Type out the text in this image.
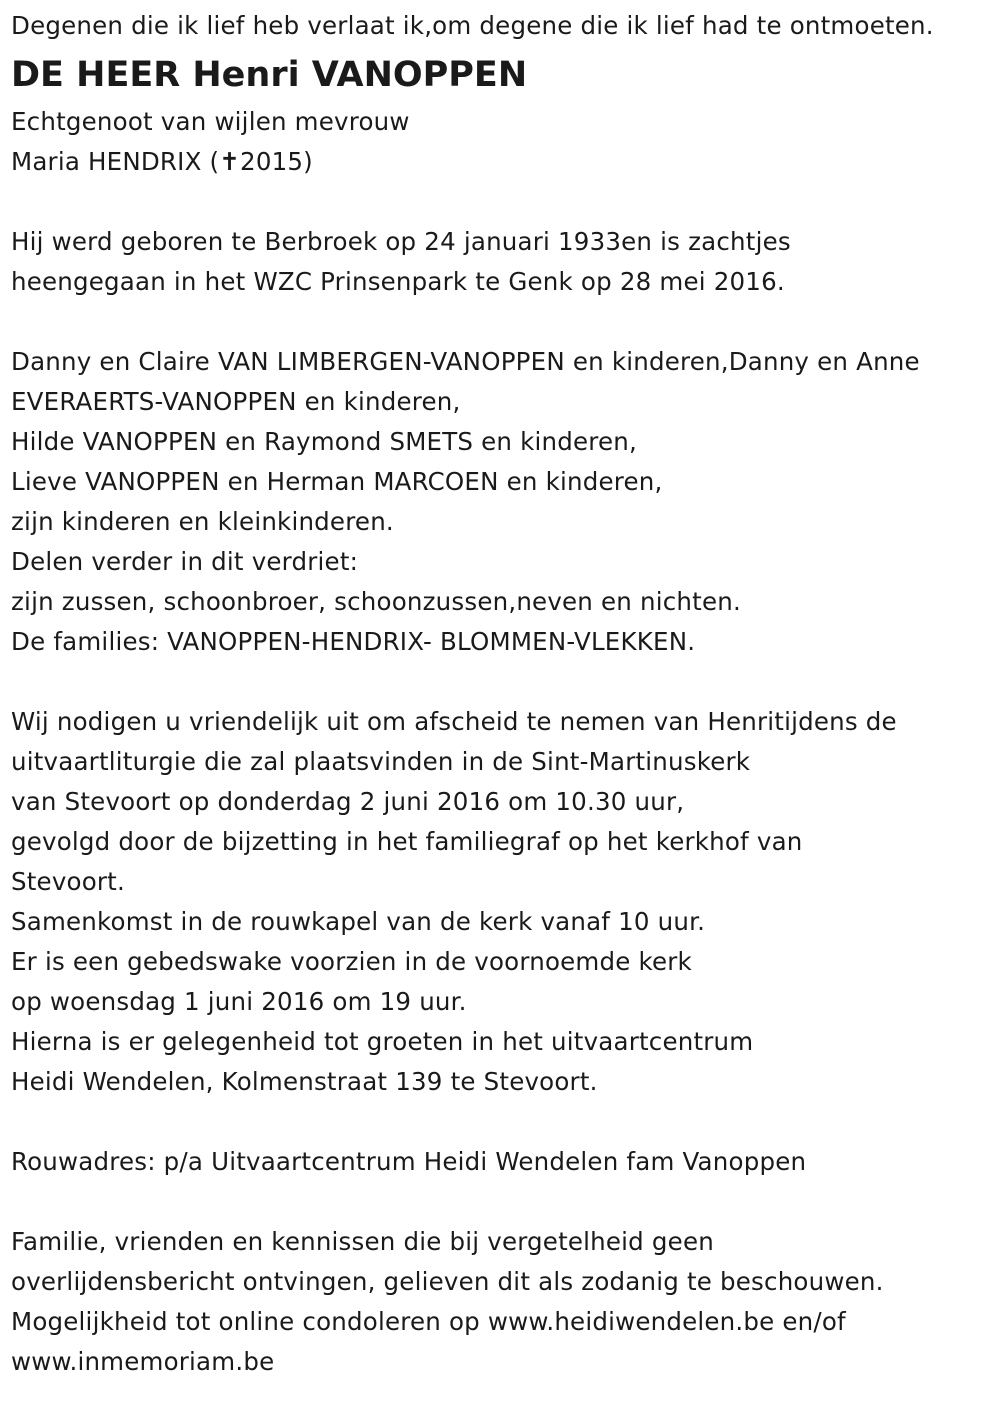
Degenen die ik lief heb verlaat ik,om degene die ik lief had te ontmoeten.
DE HEER Henri VANOPPEN
Echtgenoot van wijlen mevrouw
Maria HENDRIX (✝2015)
Hij werd geboren te Berbroek op 24 januari 1933en is zachtjes
heengegaan in het WZC Prinsenpark te Genk op 28 mei 2016.
Danny en Claire VAN LIMBERGEN-VANOPPEN en kinderen,Danny en Anne
EVERAERTS-VANOPPEN en kinderen,
Hilde VANOPPEN en Raymond SMETS en kinderen,
Lieve VANOPPEN en Herman MARCOEN en kinderen,
zijn kinderen en kleinkinderen.
Delen verder in dit verdriet:
zijn zussen, schoonbroer, schoonzussen,neven en nichten.
De families: VANOPPEN-HENDRIX- BLOMMEN-VLEKKEN.
Wij nodigen u vriendelijk uit om afscheid te nemen van Henritijdens de
uitvaartliturgie die zal plaatsvinden in de Sint-Martinuskerk
van Stevoort op donderdag 2 juni 2016 om 10.30 uur,
gevolgd door de bijzetting in het familiegraf op het kerkhof van
Stevoort.
Samenkomst in de rouwkapel van de kerk vanaf 10 uur.
Er is een gebedswake voorzien in de voornoemde kerk
op woensdag 1 juni 2016 om 19 uur.
Hierna is er gelegenheid tot groeten in het uitvaartcentrum
Heidi Wendelen, Kolmenstraat 139 te Stevoort.
Rouwadres: p/a Uitvaartcentrum Heidi Wendelen fam Vanoppen
Familie, vrienden en kennissen die bij vergetelheid geen
overlijdensbericht ontvingen, gelieven dit als zodanig te beschouwen.
Mogelijkheid tot online condoleren op www.heidiwendelen.be en/of
www.inmemoriam.be
